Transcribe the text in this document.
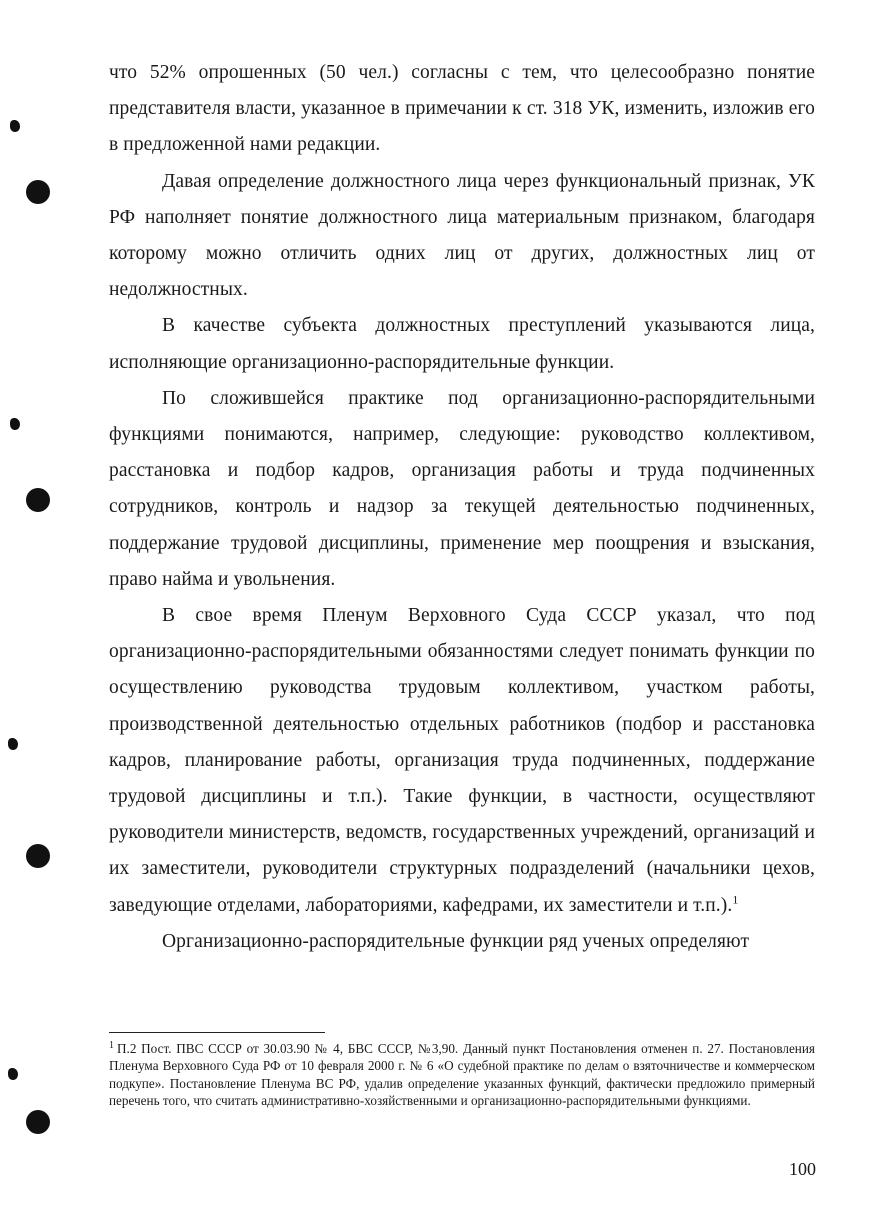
что 52% опрошенных (50 чел.) согласны с тем, что целесообразно понятие представителя власти, указанное в примечании к ст. 318 УК, изменить, изложив его в предложенной нами редакции.

Давая определение должностного лица через функциональный признак, УК РФ наполняет понятие должностного лица материальным признаком, благодаря которому можно отличить одних лиц от других, должностных лиц от недолжностных.

В качестве субъекта должностных преступлений указываются лица, исполняющие организационно-распорядительные функции.

По сложившейся практике под организационно-распорядительными функциями понимаются, например, следующие: руководство коллективом, расстановка и подбор кадров, организация работы и труда подчиненных сотрудников, контроль и надзор за текущей деятельностью подчиненных, поддержание трудовой дисциплины, применение мер поощрения и взыскания, право найма и увольнения.

В свое время Пленум Верховного Суда СССР указал, что под организационно-распорядительными обязанностями следует понимать функции по осуществлению руководства трудовым коллективом, участком работы, производственной деятельностью отдельных работников (подбор и расстановка кадров, планирование работы, организация труда подчиненных, поддержание трудовой дисциплины и т.п.). Такие функции, в частности, осуществляют руководители министерств, ведомств, государственных учреждений, организаций и их заместители, руководители структурных подразделений (начальники цехов, заведующие отделами, лабораториями, кафедрами, их заместители и т.п.).$^1$

Организационно-распорядительные функции ряд ученых определяют

$^1$ П.2 Пост. ПВС СССР от 30.03.90 № 4, БВС СССР, №3,90. Данный пункт Постановления отменен п. 27. Постановления Пленума Верховного Суда РФ от 10 февраля 2000 г. № 6 «О судебной практике по делам о взяточничестве и коммерческом подкупе». Постановление Пленума ВС РФ, удалив определение указанных функций, фактически предложило примерный перечень того, что считать административно-хозяйственными и организационно-распорядительными функциями.
100
